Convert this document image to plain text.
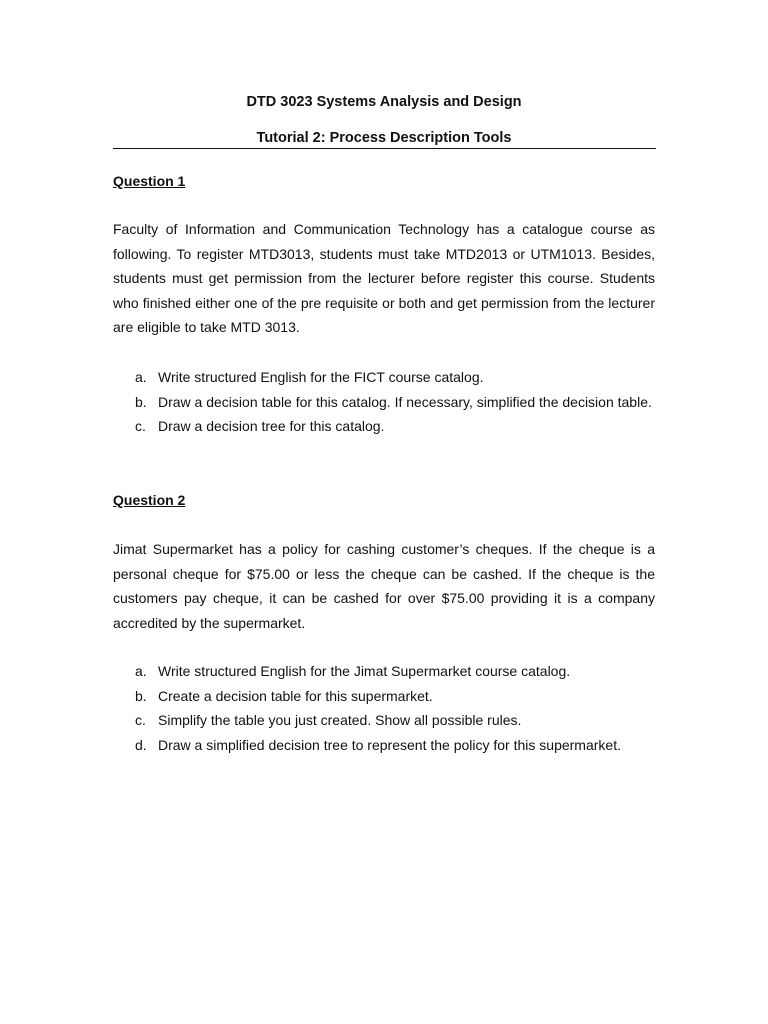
DTD 3023 Systems Analysis and Design
Tutorial 2: Process Description Tools
Question 1

Faculty of Information and Communication Technology has a catalogue course as following. To register MTD3013, students must take MTD2013 or UTM1013. Besides, students must get permission from the lecturer before register this course. Students who finished either one of the pre requisite or both and get permission from the lecturer are eligible to take MTD 3013.

a. Write structured English for the FICT course catalog.
b. Draw a decision table for this catalog. If necessary, simplified the decision table.
c. Draw a decision tree for this catalog.
Question 2

Jimat Supermarket has a policy for cashing customer’s cheques. If the cheque is a personal cheque for $75.00 or less the cheque can be cashed. If the cheque is the customers pay cheque, it can be cashed for over $75.00 providing it is a company accredited by the supermarket.

a. Write structured English for the Jimat Supermarket course catalog.
b. Create a decision table for this supermarket.
c. Simplify the table you just created. Show all possible rules.
d. Draw a simplified decision tree to represent the policy for this supermarket.
